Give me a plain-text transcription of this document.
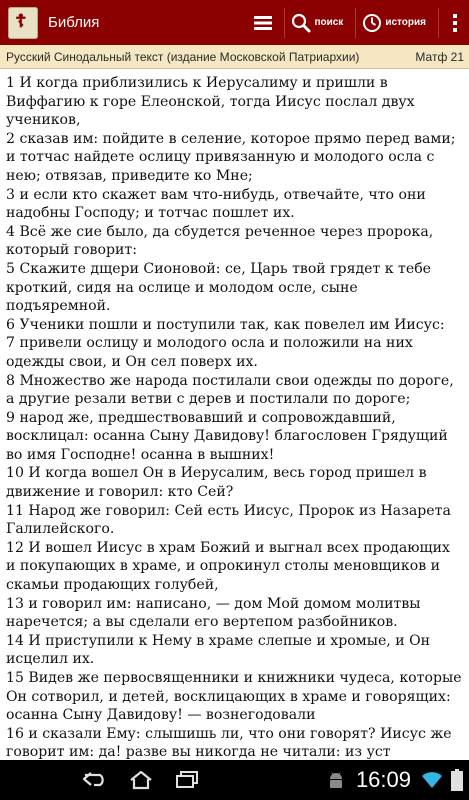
☦ Библия	поиск	история
Русский Синодальный текст (издание Московской Патриархии)	Матф 21
1 И когда приблизились к Иерусалиму и пришли в Виффагию к горе Елеонской, тогда Иисус послал двух учеников,
2 сказав им: пойдите в селение, которое прямо перед вами; и тотчас найдете ослицу привязанную и молодого осла с нею; отвязав, приведите ко Мне;
3 и если кто скажет вам что-нибудь, отвечайте, что они надобны Господу; и тотчас пошлет их.
4 Всё же сие было, да сбудется реченное через пророка, который говорит:
5 Скажите дщери Сионовой: се, Царь твой грядет к тебе кроткий, сидя на ослице и молодом осле, сыне подъяремной.
6 Ученики пошли и поступили так, как повелел им Иисус:
7 привели ослицу и молодого осла и положили на них одежды свои, и Он сел поверх их.
8 Множество же народа постилали свои одежды по дороге, а другие резали ветви с дерев и постилали по дороге;
9 народ же, предшествовавший и сопровождавший, восклицал: осанна Сыну Давидову! благословен Грядущий во имя Господне! осанна в вышних!
10 И когда вошел Он в Иерусалим, весь город пришел в движение и говорил: кто Сей?
11 Народ же говорил: Сей есть Иисус, Пророк из Назарета Галилейского.
12 И вошел Иисус в храм Божий и выгнал всех продающих и покупающих в храме, и опрокинул столы меновщиков и скамьи продающих голубей,
13 и говорил им: написано, — дом Мой домом молитвы наречется; а вы сделали его вертепом разбойников.
14 И приступили к Нему в храме слепые и хромые, и Он исцелил их.
15 Видев же первосвященники и книжники чудеса, которые Он сотворил, и детей, восклицающих в храме и говорящих: осанна Сыну Давидову! — вознегодовали
16 и сказали Ему: слышишь ли, что они говорят? Иисус же говорит им: да! разве вы никогда не читали: из уст
16:09
